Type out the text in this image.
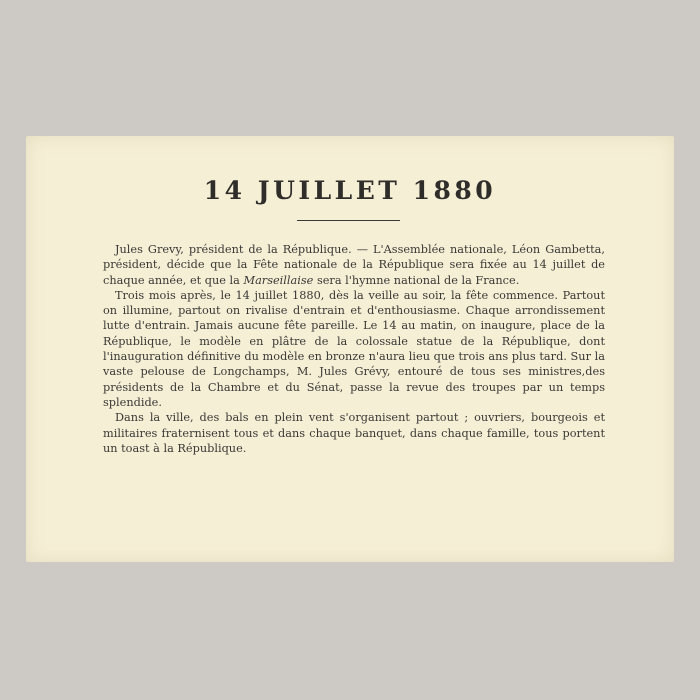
14 JUILLET 1880

Jules Grevy, président de la République. — L'Assemblée nationale, Léon Gambetta, président, décide que la Fête nationale de la République sera fixée au 14 juillet de chaque année, et que la Marseillaise sera l'hymne national de la France.

Trois mois après, le 14 juillet 1880, dès la veille au soir, la fête commence. Partout on illumine, partout on rivalise d'entrain et d'enthousiasme. Chaque arrondissement lutte d'entrain. Jamais aucune fête pareille. Le 14 au matin, on inaugure, place de la République, le modèle en plâtre de la colossale statue de la République, dont l'inauguration définitive du modèle en bronze n'aura lieu que trois ans plus tard. Sur la vaste pelouse de Longchamps, M. Jules Grévy, entouré de tous ses ministres,des présidents de la Chambre et du Sénat, passe la revue des troupes par un temps splendide.

Dans la ville, des bals en plein vent s'organisent partout ; ouvriers, bourgeois et militaires fraternisent tous et dans chaque banquet, dans chaque famille, tous portent un toast à la République.
